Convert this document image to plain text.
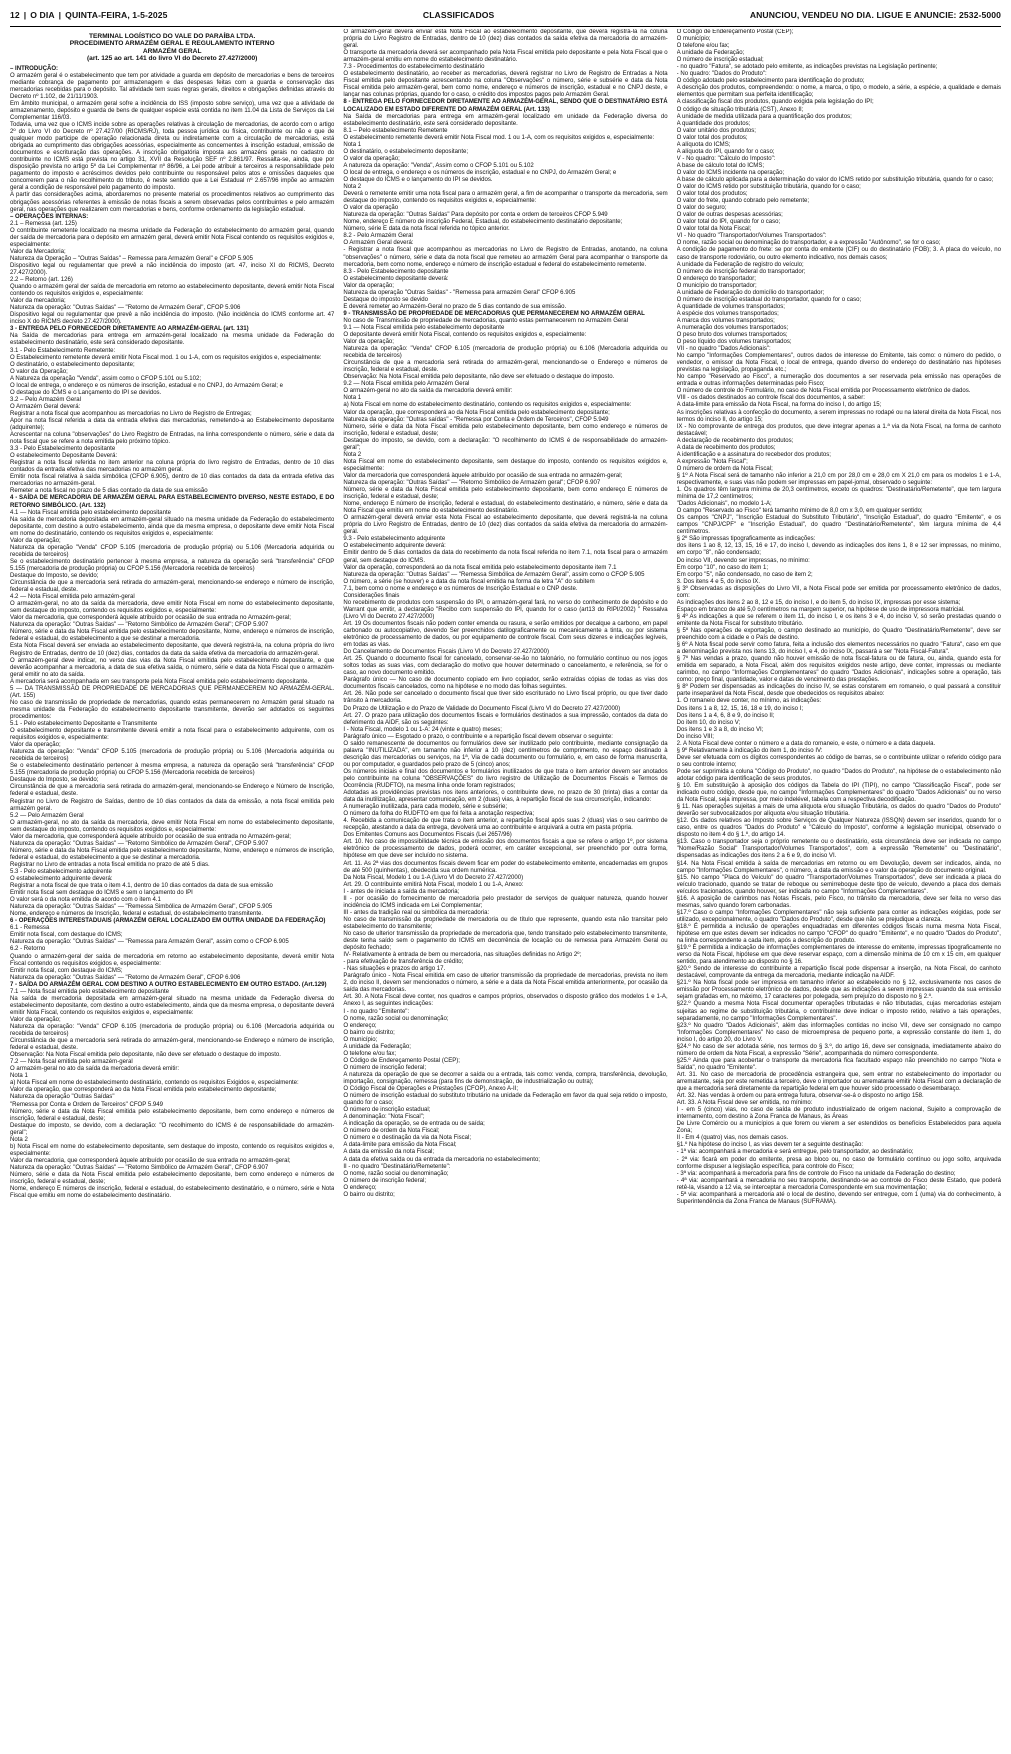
12 | O DIA | QUINTA-FEIRA, 1-5-2025	CLASSIFICADOS	ANUNCIOU, VENDEU NO DIA. LIGUE E ANUNCIE: 2532-5000
TERMINAL LOGÍSTICO DO VALE DO PARAÍBA LTDA.
PROCEDIMENTO ARMAZÉM GERAL E REGULAMENTO INTERNO
ARMAZÉM GERAL
(art. 125 ao art. 141 do livro VI do Decreto 27.427/2000)

– INTRODUÇÃO:

O armazém geral é o estabelecimento que tem por atividade a guarda em depósito de mercadorias e bens de terceiros mediante cobrança de pagamento por armazenagem e das despesas feitas com a guarda e conservação das mercadorias recebidas para o depósito. Tal atividade tem suas regras gerais, direitos e obrigações definidas através do Decreto nº 1.102, de 21/11/1903.

Em âmbito municipal, o armazém geral sofre a incidência do ISS (imposto sobre serviço), uma vez que a atividade de armazenamento, depósito e guarda de bens de qualquer espécie está contida no item 11.04 da Lista de Serviços da Lei Complementar 116/03.

Todavia, uma vez que o ICMS incide sobre as operações relativas à circulação de mercadorias, de acordo com o artigo 2º do Livro VI do Decreto nº 27.427/00 (RICMS/RJ), toda pessoa jurídica ou física, contribuinte ou não e que de qualquer modo participe de operação relacionada direta ou indiretamente com a circulação de mercadorias, está obrigada ao cumprimento das obrigações acessórias, especialmente as concernentes à inscrição estadual, emissão de documentos e escrituração das operações. A inscrição obrigatória imposta aos armazéns gerais no cadastro do contribuinte no ICMS está prevista no artigo 31, XVII da Resolução SEF nº 2.861/97. Ressalta-se, ainda, que por disposição prevista no artigo 5º da Lei Complementar nº 86/96, a Lei pode atribuir a terceiros a responsabilidade pelo pagamento do imposto e acréscimos devidos pelo contribuinte ou responsável pelos atos e omissões daqueles que concorrerem para o não recolhimento do tributo, é neste sentido que a Lei Estadual nº 2.657/96 impõe ao armazém geral a condição de responsável pelo pagamento do imposto.

A partir das considerações acima, abordaremos no presente material os procedimentos relativos ao cumprimento das obrigações acessórias referentes à emissão de notas fiscais a serem observadas pelos contribuintes e pelo armazém geral, nas operações que realizarem com mercadorias e bens, conforme ordenamento da legislação estadual.

– OPERAÇÕES INTERNAS:

2.1 – Remessa (art. 125)

O contribuinte remetente localizado na mesma unidade da Federação do estabelecimento do armazém geral, quando der saída de mercadoria para o depósito em armazém geral, deverá emitir Nota Fiscal contendo os requisitos exigidos e, especialmente:

Valor da Mercadoria;

Natureza da Operação – "Outras Saídas" – Remessa para Armazém Geral" e CFOP 5.905

Dispositivo legal ou regulamentar que prevê a não incidência do imposto (art. 47, inciso XI do RICMS, Decreto 27.427/2000).

2.2 – Retorno (art. 126)

Quando o armazém geral der saída de mercadoria em retorno ao estabelecimento depositante, deverá emitir Nota Fiscal contendo os requisitos exigidos e, especialmente:

Valor da mercadoria;

Natureza da operação: "Outras Saídas" — "Retorno de Armazém Geral", CFOP 5.906

Dispositivo legal ou regulamentar que prevê a não incidência do imposto. (Não incidência do ICMS conforme art. 47 inciso X do RICMS decreto 27.427/2000).

3 - ENTREGA PELO FORNECEDOR DIRETAMENTE AO ARMAZÉM-GERAL (art. 131)

Na Saída de mercadorias para entrega em armazém-geral localizado na mesma unidade da Federação do estabelecimento destinatário, este será considerado depositante.

3.1 - Pelo Estabelecimento Remetente:

O Estabelecimento remetente deverá emitir Nota Fiscal mod. 1 ou 1-A, com os requisitos exigidos e, especialmente:

O destinatário, o estabelecimento depositante;

O valor da Operação;

A Natureza da operação "Venda", assim como o CFOP 5.101 ou 5.102;

O local de entrega, o endereço e os números de inscrição, estadual e no CNPJ, do Armazém Geral; e

O destaque do ICMS e o Lançamento do IPI se devidos.

3.2 – Pelo Armazém Geral

O Armazém Geral deverá:

Registrar a nota fiscal que acompanhou as mercadorias no Livro de Registro de Entregas;

Apor na nota fiscal referida a data da entrada efetiva das mercadorias, remetendo-a ao Estabelecimento depositante (adquirente);

Acrescentar na coluna "observações" do Livro Registro de Entradas, na linha correspondente o número, série e data da nota fiscal que se refere a nota emitida pelo próximo tópico.

3.3 - Pelo Estabelecimento depositante

O estabelecimento Depositante Deverá:

Registrar a nota fiscal referida no item anterior na coluna própria do livro registro de Entradas, dentro de 10 dias contados da entrada efetiva das mercadorias no armazém geral.

Emitir nota fiscal relativa à saída simbólica (CFOP 6.905), dentro de 10 dias contados da data da entrada efetiva das mercadorias no armazém-geral.

Remeter a nota fiscal no prazo de 5 dias contado da data de sua emissão

4 - SAÍDA DE MERCADORIA DE ARMAZÉM GERAL PARA ESTABELECIMENTO DIVERSO, NESTE ESTADO, E DO RETORNO SIMBÓLICO. (Art. 132)

4.1 — Nota Fiscal emitida pelo estabelecimento depositante

Na saída de mercadoria depositada em armazém-geral situado na mesma unidade da Federação do estabelecimento depositante, com destino a outro estabelecimento, ainda que da mesma empresa, o depositante deve emitir Nota Fiscal em nome do destinatário, contendo os requisitos exigidos e, especialmente:

Valor da operação;

Natureza da operação "Venda" CFOP 5.105 (mercadoria de produção própria) ou 5.106 (Mercadoria adquirida ou recebida de terceiros)

Se o estabelecimento destinatário pertencer à mesma empresa, a natureza da operação será "transferência" CFOP 5.155 (mercadoria de produção própria) ou CFOP 5.156 (Mercadoria recebida de terceiros)

Destaque do Imposto, se devido;

Circunstância de que a mercadoria será retirada do armazém-geral, mencionando-se endereço e número de inscrição, federal e estadual, deste.

4.2 — Nota Fiscal emitida pelo armazém-geral

O armazém-geral, no ato da saída da mercadoria, deve emitir Nota Fiscal em nome do estabelecimento depositante, sem destaque do imposto, contendo os requisitos exigidos e, especialmente:

Valor da mercadoria, que corresponderá àquele atribuído por ocasião de sua entrada no Armazém-geral;

Natureza da operação: "Outras Saídas" — "Retorno Simbólico de Armazém Geral"; CFOP 5.907

Número, série e data da Nota Fiscal emitida pelo estabelecimento depositante, Nome, endereço e números de inscrição, federal e estadual, do estabelecimento a que se destinar a mercadoria.

Esta Nota Fiscal deverá ser enviada ao estabelecimento depositante, que deverá registrá-la, na coluna própria do livro Registro de Entradas, dentro de 10 (dez) dias, contados da data da saída efetiva da mercadoria do armazém-geral.

O armazém-geral deve indicar, no verso das vias da Nota Fiscal emitida pelo estabelecimento depositante, e que deverão acompanhar a mercadoria, a data de sua efetiva saída, o número, série e data da Nota Fiscal que o armazém-geral emitir no ato da saída.

A mercadoria será acompanhada em seu transporte pela Nota Fiscal emitida pelo estabelecimento depositante.

5 — DA TRANSMISSÃO DE PROPRIEDADE DE MERCADORIAS QUE PERMANECEREM NO ARMAZÉM-GERAL. (Art. 155)

No caso de transmissão de propriedade de mercadorias, quando estas permanecerem no Armazém geral situado na mesma unidade da Federação do estabelecimento depositante transmitente, deverão ser adotados os seguintes procedimentos:

5.1 - Pelo estabelecimento Depositante e Transmitente

O estabelecimento depositante e transmitente deverá emitir a nota fiscal para o estabelecimento adquirente, com os requisitos exigidos e, especialmente:

Valor da operação;

Natureza da operação: "Venda" CFOP 5.105 (mercadoria de produção própria) ou 5.106 (Mercadoria adquirida ou recebida de terceiros)

Se o estabelecimento destinatário pertencer à mesma empresa, a natureza da operação será "transferência" CFOP 5.155 (mercadoria de produção própria) ou CFOP 5.156 (Mercadoria recebida de terceiros)

Destaque do Imposto, se devido;

Circunstância de que a mercadoria será retirada do armazém-geral, mencionando-se Endereço e Número de Inscrição, federal e estadual, deste.

Registrar no Livro de Registro de Saídas, dentro de 10 dias contados da data da emissão, a nota fiscal emitida pelo armazém geral.

5.2 — Pelo Armazém Geral

O armazém-geral, no ato da saída da mercadoria, deve emitir Nota Fiscal em nome do estabelecimento depositante, sem destaque do imposto, contendo os requisitos exigidos e, especialmente:

Valor da mercadoria, que corresponderá àquele atribuído por ocasião de sua entrada no Armazém-geral;

Natureza da operação: "Outras Saídas" — "Retorno Simbólico de Armazém Geral", CFOP 5.907

Número, série e data da Nota Fiscal emitida pelo estabelecimento depositante, Nome, endereço e números de inscrição, federal e estadual, do estabelecimento a que se destinar a mercadoria.

Registrar no Livro de entradas a nota fiscal emitida no prazo de até 5 dias.

5.3 - Pelo estabelecimento adquirente

O estabelecimento adquirente deverá:

Registrar a nota fiscal de que trata o item 4.1, dentro de 10 dias contados da data de sua emissão

Emitir nota fiscal sem destaque do ICMS e sem o lançamento do IPI

O valor será o da nota emitida de acordo com o item 4.1

Natureza da operação: "Outras Saídas" — "Remessa Simbólica de Armazém Geral", CFOP 5.905

Nome, endereço e números de Inscrição, federal e estadual, do estabelecimento transmitente.

6 - OPERAÇÕES INTERESTADUAIS (ARMAZÉM GERAL LOCALIZADO EM OUTRA UNIDADE DA FEDERAÇÃO)

6.1 - Remessa

Emitir nota fiscal, com destaque do ICMS;

Natureza da operação: "Outras Saídas" — "Remessa para Armazém Geral", assim como o CFOP 6.905

6.2 - Retorno

Quando o armazém-geral der saída de mercadoria em retorno ao estabelecimento depositante, deverá emitir Nota Fiscal contendo os requisitos exigidos e, especialmente:

Emitir nota fiscal, com destaque do ICMS;

Natureza da operação: "Outras Saídas" — "Retorno de Armazém Geral", CFOP 6.906

7 - SAÍDA DO ARMAZÉM GERAL COM DESTINO A OUTRO ESTABELECIMENTO EM OUTRO ESTADO. (Art.129)

7.1 — Nota fiscal emitida pelo estabelecimento depositante

Na saída de mercadoria depositada em armazém-geral situado na mesma unidade da Federação diversa do estabelecimento depositante, com destino a outro estabelecimento, ainda que da mesma empresa, o depositante deverá emitir Nota Fiscal, contendo os requisitos exigidos e, especialmente:

Valor da operação;

Natureza da operação: "Venda" CFOP 6.105 (mercadoria de produção própria) ou 6.106 (Mercadoria adquirida ou recebida de terceiros)

Circunstância de que a mercadoria será retirada do armazém-geral, mencionando-se Endereço e número de inscrição, federal e estadual, deste.

Observação: Na Nota Fiscal emitida pelo depositante, não deve ser efetuado o destaque do imposto.

7.2 — Nota fiscal emitida pelo armazém-geral

O armazém-geral no ato da saída da mercadoria deverá emitir:

Nota 1

a) Nota Fiscal em nome do estabelecimento destinatário, contendo os requisitos Exigidos e, especialmente:

Valor da operação, que corresponderá ao da Nota Fiscal emitida pelo estabelecimento depositante;

Natureza da operação "Outras Saídas"

"Remessa por Conta e Ordem de Terceiros" CFOP 5.949

Número, série e data da Nota Fiscal emitida pelo estabelecimento depositante, bem como endereço e números de inscrição, federal e estadual, deste;

Destaque do imposto, se devido, com a declaração: "O recolhimento do ICMS é de responsabilidade do armazém-geral";

Nota 2

b) Nota Fiscal em nome do estabelecimento depositante, sem destaque do imposto, contendo os requisitos exigidos e, especialmente:

Valor da mercadoria, que corresponderá àquele atribuído por ocasião de sua entrada no armazém-geral;

Natureza da operação: "Outras Saídas" — "Retorno Simbólico de Armazém Geral", CFOP 6.907

Número, série e data da Nota Fiscal emitida pelo estabelecimento depositante, bem como endereço e números de inscrição, federal e estadual, deste;

Nome, endereço E números de inscrição, federal e estadual, do estabelecimento destinatário, e o número, série e Nota Fiscal que emitiu em nome do estabelecimento destinatário.

O armazém-geral deverá enviar esta Nota Fiscal ao estabelecimento depositante, que deverá registrá-la na coluna própria do Livro Registro de Entradas, dentro de 10 (dez) dias contados da saída efetiva da mercadoria do armazém-geral.

O transporte da mercadoria deverá ser acompanhado pela Nota Fiscal emitida pelo depositante e pela Nota Fiscal que o armazém-geral emitiu em nome do estabelecimento destinatário.

7.3 - Procedimentos do estabelecimento destinatário

O estabelecimento destinatário, ao receber as mercadorias, deverá registrar no Livro de Registro de Entradas a Nota Fiscal emitida pelo depositante acrescentando na coluna "Observações" o número, série e subsérie e data da Nota Fiscal emitida pelo armazém-geral, bem como nome, endereço e números de inscrição, estadual e no CNPJ deste, e lançar nas colunas próprias, quando for o caso, o crédito dos impostos pagos pelo Armazém Geral.

8 - ENTREGA PELO FORNECEDOR DIRETAMENTE AO ARMAZÉM-GERAL, SENDO QUE O DESTINATÁRIO ESTÁ LOCALIZADO EM ESTADO DIFERENTE DO ARMAZÉM GERAL (Art. 133)

Na Saída de mercadorias para entrega em armazém-geral localizado em unidade da Federação diversa do estabelecimento destinatário, este será considerado depositante.

8.1 – Pelo estabelecimento Remetente

O estabelecimento remetente deverá emitir Nota Fiscal mod. 1 ou 1-A, com os requisitos exigidos e, especialmente:

Nota 1

O destinatário, o estabelecimento depositante;

O valor da operação;

A natureza da operação: "Venda", Assim como o CFOP 5.101 ou 5.102

O local de entrega, o endereço e os números de inscrição, estadual e no CNPJ, do Armazém Geral; e

O destaque do ICMS e o lançamento do IPI se devidos.

Nota 2

Deverá o remetente emitir uma nota fiscal para o armazém geral, a fim de acompanhar o transporte da mercadoria, sem destaque do imposto, contendo os requisitos exigidos e, especialmente:

O valor da operação

Natureza da operação: "Outras Saídas" Para depósito por conta e ordem de terceiros CFOP 5.949

Nome, endereço E número de inscrição Federal, Estadual, do estabelecimento destinatário depositante;

Número, série E data da nota fiscal referida no tópico anterior.

8.2 - Pelo Armazém Geral

O Armazém Geral deverá:

- Registrar a nota fiscal que acompanhou as mercadorias no Livro de Registro de Entradas, anotando, na coluna "observações" o número, série e data da nota fiscal que remeteu ao armazém Geral para acompanhar o transporte da mercadoria, bem como nome, endereço e número de inscrição estadual e federal do estabelecimento remetente.

8.3 - Pelo Estabelecimento depositante

O estabelecimento depositante deverá:

Valor da operação;

Natureza da operação "Outras Saídas" - "Remessa para armazém Geral" CFOP 6.905

Destaque do imposto se devido

E deverá remeter ao Armazém-Geral no prazo de 5 dias contando de sua emissão.

9 - TRANSMISSÃO DE PROPRIEDADE DE MERCADORIAS QUE PERMANECEREM NO ARMAZÉM GERAL

No caso de Transmissão de propriedade de mercadorias, quanto estas permanecerem no Armazém Geral

9.1 — Nota Fiscal emitida pelo estabelecimento depositante

O depositante deverá emitir Nota Fiscal, contendo os requisitos exigidos e, especialmente:

Valor da operação;

Natureza da operação: "Venda" CFOP 6.105 (mercadoria de produção própria) ou 6.106 (Mercadoria adquirida ou recebida de terceiros)

Circunstância de que a mercadoria será retirada do armazém-geral, mencionando-se o Endereço e números de inscrição, federal e estadual, deste.

Observação: Na Nota Fiscal emitida pelo depositante, não deve ser efetuado o destaque do imposto.

9.2 — Nota Fiscal emitida pelo Armazém Geral

O armazém-geral no ato da saída da mercadoria deverá emitir:

Nota 1

a) Nota Fiscal em nome do estabelecimento destinatário, contendo os requisitos exigidos e, especialmente:

Valor da operação, que corresponderá ao da Nota Fiscal emitida pelo estabelecimento depositante;

Natureza da operação: "Outras saídas" - "Remessa por Conta e Ordem de Terceiros", CFOP 5.949

Número, série e data da Nota Fiscal emitida pelo estabelecimento depositante, bem como endereço e números de inscrição, federal e estadual, deste;

Destaque do imposto, se devido, com a declaração: "O recolhimento do ICMS é de responsabilidade do armazém-geral";

Nota 2

Nota Fiscal em nome do estabelecimento depositante, sem destaque do imposto, contendo os requisitos exigidos e, especialmente:

Valor da mercadoria que corresponderá àquele atribuído por ocasião de sua entrada no armazém-geral;

Natureza da operação: "Outras Saídas" — "Retorno Simbólico de Armazém geral"; CFOP 6.907

Número, série e data da Nota Fiscal emitida pelo estabelecimento depositante, bem como endereço E números de inscrição, federal e estadual, deste;

Nome, endereço E número de inscrição, federal e estadual, do estabelecimento destinatário, e número, série e data da Nota Fiscal que emitiu em nome do estabelecimento destinatário.

O armazém-geral deverá enviar esta Nota Fiscal ao estabelecimento depositante, que deverá registrá-la na coluna própria do Livro Registro de Entradas, dentro de 10 (dez) dias contados da saída efetiva da mercadoria do armazém-geral.

9.3 - Pelo estabelecimento adquirente

O estabelecimento adquirente deverá:

Emitir dentro de 5 dias contados da data do recebimento da nota fiscal referida no item 7.1, nota fiscal para o armazém geral, sem destaque do ICMS.

Valor da operação, corresponderá ao da nota fiscal emitida pelo estabelecimento depositante item 7.1

Natureza da operação: "Outras Saídas" — "Remessa Simbólica de Armazém Geral", assim como o CFOP 5.905

O número, a série (se houver) e a data da nota fiscal emitida na forma da letra "A" do subitem

7.1, bem como o nome e endereço e os números de Inscrição Estadual e o CNP deste.

Considerações finais

No recebimento de produtos com suspensão do IPI, o armazém-geral fará, no verso do conhecimento de depósito e do Warrant que emitir, a declaração "Recibo com suspensão do IPI, quando for o caso (art13 do RIPI/2002) " Ressalva (Livro VI do Decreto 27.427/2000)

Art. 19 Os documentos fiscais não podem conter emenda ou rasura, e serão emitidos por decalque a carbono, em papel carbonado ou autocopiativo, devendo Ser preenchidos datilograficamente ou mecanicamente a tinta, ou por sistema eletrônico de processamento de dados, ou por equipamento de controle fiscal. Com seus dizeres e indicações legíveis, em todas as vias.

Do Cancelamento de Documentos Fiscais (Livro VI do Decreto 27.427/2000)

Art. 25. Quando o documento fiscal for cancelado, conservar-se-ão no talonário, no formulário contínuo ou nos jogos soltos todas as suas vias, com declaração do motivo que houver determinado o cancelamento, e referência, se for o caso, ao novo documento emitido.

Parágrafo único — No caso de documento copiado em livro copiador, serão extraídas cópias de todas as vias dos documentos fiscais cancelados, como na hipótese e no modo das folhas seguintes.

Art. 26. Não pode ser cancelado o documento fiscal que tiver sido escriturado no Livro fiscal próprio, ou que tiver dado trânsito à mercadoria.

Do Prazo de Utilização e do Prazo de Validade do Documento Fiscal (Livro VI do Decreto 27.427/2000)

Art. 27. O prazo para utilização dos documentos fiscais e formulários destinados a sua impressão, contados da data do deferimento da AIDF, são os seguintes:

I - Nota Fiscal, modelo 1 ou 1-A: 24 (vinte e quatro) meses;

Parágrafo único — Esgotado o prazo, o contribuinte e a repartição fiscal devem observar o seguinte:

O saldo remanescente de documentos ou formulários deve ser inutilizado pelo contribuinte, mediante consignação da palavra "INUTILIZADA", em tamanho não inferior a 10 (dez) centímetros de comprimento, no espaço destinado à descrição das mercadorias ou serviços, na 1ª, Via de cada documento ou formulário, e, em caso de forma manuscrita, ou por computador, e guardados pelo prazo de 5 (cinco) anos;

Os números iniciais e final dos documentos e formulários inutilizados de que trata o item anterior devem ser anotados pelo contribuinte na coluna "OBSERVAÇÕES" do livro registro de Utilização de Documentos Fiscais e Termos de Ocorrência (RUDFTO), na mesma linha onde foram registrados;

Adotadas as providências previstas nos itens anteriores, o contribuinte deve, no prazo de 30 (trinta) dias a contar da data da inutilização, apresentar comunicação, em 2 (duas) vias, à repartição fiscal de sua circunscrição, indicando:

A numeração inutilizada, para cada modelo, série e subsérie;

O número da folha do RUDFTO em que foi feita a anotação respectiva;

4. Recebida a comunicação de que trata o item anterior, a repartição fiscal após suas 2 (duas) vias o seu carimbo de recepção, atestando a data da entrega, devolverá uma ao contribuinte e arquivará a outra em pasta própria.

Dos Emitentes Comuns aos Documentos Fiscais (Lei 2657/96)

Art. 10. No caso de impossibilidade técnica de emissão dos documentos fiscais a que se refere o artigo 1º, por sistema eletrônico de processamento de dados, poderá ocorrer, em caráter excepcional, ser preenchido por outra forma, hipótese em que deve ser incluído no sistema.

Art. 11. As 2ª vias dos documentos fiscais devem ficar em poder do estabelecimento emitente, encadernadas em grupos de até 500 (quinhentas), obedecida sua ordem numérica.

Da Nota Fiscal, Modelo 1 ou 1-A (Livro VI do Decreto 27.427/2000)

Art. 29. O contribuinte emitirá Nota Fiscal, modelo 1 ou 1-A, Anexo:

I - antes de iniciada a saída da mercadoria;

II - por ocasião do fornecimento de mercadoria pelo prestador de serviços de qualquer natureza, quando houver incidência do ICMS indicada em Lei Complementar;

III - antes da tradição real ou simbólica da mercadoria:

No caso de transmissão da propriedade de mercadoria ou de título que represente, quando esta não transitar pelo estabelecimento do transmitente;

No caso de ulterior transmissão da propriedade de mercadoria que, tendo transitado pelo estabelecimento transmitente, deste tenha saído sem o pagamento do ICMS em decorrência de locação ou de remessa para Armazém Geral ou depósito fechado;

IV- Relativamente à entrada de bem ou mercadoria, nas situações definidas no Artigo 2º;

- para efetivação de transferência de crédito;

- Nas situações e prazos do artigo 17.

Parágrafo único - Nota Fiscal emitida em caso de ulterior transmissão da propriedade de mercadorias, prevista no item 2, do inciso II, devem ser mencionados o número, a série e a data da Nota Fiscal emitida anteriormente, por ocasião da saída das mercadorias.

Art. 30. A Nota Fiscal deve conter, nos quadros e campos próprios, observados o disposto gráfico dos modelos 1 e 1-A, Anexo I, as seguintes indicações:

I - no quadro "Emitente":

O nome, razão social ou denominação;

O endereço;

O bairro ou distrito;

O município;

A unidade da Federação;

O telefone e/ou fax;

O Código de Endereçamento Postal (CEP);

O número de inscrição federal;

A natureza da operação de que se decorrer a saída ou a entrada, tais como: venda, compra, transferência, devolução, importação, consignação, remessa (para fins de demonstração, de industrialização ou outra);

O Código Fiscal de Operações e Prestações (CFOP), Anexo A-II;

O número de inscrição estadual do substituto tributário na unidade da Federação em favor da qual seja retido o imposto, quando for o caso;

O número de inscrição estadual;

A denominação: "Nota Fiscal";

A indicação da operação, se de entrada ou de saída;

O número de ordem da Nota Fiscal;

O número e o destinação da via da Nota Fiscal;

A data-limite para emissão da Nota Fiscal;

A data da emissão da nota Fiscal;

A data da efetiva saída ou da entrada da mercadoria no estabelecimento;

II - no quadro "Destinatário/Remetente":

O nome, razão social ou denominação;

O número de inscrição federal;

O endereço;

O bairro ou distrito;

O Código de Endereçamento Postal (CEP);

O município;

O telefone e/ou fax;

A unidade da Federação;

O número de inscrição estadual;

- no quadro "Fatura", se adotado pelo emitente, as indicações previstas na Legislação pertinente;

- No quadro: "Dados do Produto":

O código adotado pelo estabelecimento para identificação do produto;

A descrição dos produtos, compreendendo: o nome, a marca, o tipo, o modelo, a série, a espécie, a qualidade e demais elementos que permitam sua perfeita identificação;

A classificação fiscal dos produtos, quando exigida pela legislação do IPI;

O código de situação tributária (CST), Anexo II;

A unidade de medida utilizada para a quantificação dos produtos;

A quantidade dos produtos;

O valor unitário dos produtos;

O valor total dos produtos;

A alíquota do ICMS;

A alíquota do IPI, quando for o caso;

V - No quadro: "Cálculo do Imposto":

A base de cálculo total do ICMS;

O valor do ICMS incidente na operação;

A base de cálculo aplicada para a determinação do valor do ICMS retido por substituição tributária, quando for o caso;

O valor do ICMS retido por substituição tributária, quando for o caso;

O valor total dos produtos;

O valor do frete, quando cobrado pelo remetente;

O valor do seguro;

O valor de outras despesas acessórias;

O valor total do IPI, quando for o caso;

O valor total da Nota Fiscal;

VI - No quadro "Transportador/Volumes Transportados":

O nome, razão social ou denominação do transportador, e a expressão "Autônomo", se for o caso;

A condição de pagamento do frete: se por conta do emitente (CIF) ou do destinatário (FOB); 3. A placa do veículo, no caso de transporte rodoviário, ou outro elemento indicativo, nos demais casos;

A unidade da Federação de registro do veículo;

O número de inscrição federal do transportador;

O endereço do transportador;

O município do transportador;

A unidade de Federação do domicílio do transportador;

O número de inscrição estadual do transportador, quando for o caso;

A quantidade de volumes transportados;

A espécie dos volumes transportados;

A marca dos volumes transportados;

A numeração dos volumes transportados;

O peso bruto dos volumes transportados;

O peso líquido dos volumes transportados;

VII - no quadro "Dados Adicionais":

No campo "Informações Complementares", outros dados de interesse do Emitente, tais como: o número do pedido, o vendedor, o emissor da Nota Fiscal, o local de entrega, quando diverso do endereço do destinatário nas hipóteses previstas na legislação, propaganda etc.;

No campo "Reservado ao Fisco", a numeração dos documentos a ser reservada pela emissão nas operações de entrada e outras informações determinadas pelo Fisco;

O número de controle do Formulário, no caso de Nota Fiscal emitida por Processamento eletrônico de dados.

VIII - os dados destinados ao controle fiscal dos documentos, a saber:

A data-limite para emissão da Nota Fiscal, na forma do inciso I, do artigo 15;

As inscrições relativas à confecção do documento, a serem impressas no rodapé ou na lateral direita da Nota Fiscal, nos termos do inciso II, do artigo 15;

IX - No comprovante de entrega dos produtos, que deve integrar apenas a 1.ª via da Nota Fiscal, na forma de canhoto destacável;

A declaração de recebimento dos produtos;

A data de recebimento dos produtos;

A identificação e a assinatura do recebedor dos produtos;

A expressão "Nota Fiscal";

O número de ordem da Nota Fiscal;

§ 1º A Nota Fiscal será de tamanho não inferior a 21,0 cm por 28,0 cm e 28,0 cm X 21,0 cm para os modelos 1 e 1-A, respectivamente, e suas vias não podem ser impressas em papel-jornal, observado o seguinte:

1. Os quadros têm largura mínima de 20,3 centímetros, exceto os quadros: "Destinatário/Remetente", que tem largura mínima de 17,2 centímetros;

"Dados Adicionais", no modelo 1-A;

O campo "Reservado ao Fisco" terá tamanho mínimo de 8,0 cm x 3,0, em qualquer sentido;

Os campos "CNPJ", "Inscrição Estadual do Substituto Tributário", "Inscrição Estadual", do quadro "Emitente", e os campos "CNPJ/CPF" e "Inscrição Estadual", do quadro "Destinatário/Remetente", têm largura mínima de 4,4 centímetros.

§ 2º São impressas tipograficamente as indicações:

dos itens 1 ao 8, 12, 13, 15, 16 e 17, do inciso I, devendo as indicações dos itens 1, 8 e 12 ser impressas, no mínimo, em corpo "8", não condensado;

Do inciso VII, devendo ser impressas, no mínimo:

Em corpo "10", no caso do item 1;

Em corpo "5", não condensado, no caso de item 2;

3. Dos itens 4 e 5, do inciso IX.

§ 3º Observadas as disposições do Livro VII, a Nota Fiscal pode ser emitida por processamento eletrônico de dados, com:

As indicações dos itens 2 ao 8, 12 e 15, do inciso I, e do item 5, do inciso IX, impressas por esse sistema;

Espaço em branco de até 5,0 centímetros na margem superior, na hipótese de uso de impressora matricial.

§ 4º As indicações a que se referem o item 11, do inciso I, e os itens 3 e 4, do inciso V, só serão prestadas quando o emitente da Nota Fiscal for substituto tributário.

§ 5º Nas operações de exportação, o campo destinado ao município, do Quadro "Destinatário/Remetente", deve ser preenchido com a cidade e o País de destino.

§ 6º A Nota fiscal pode servir como fatura, feita a inclusão dos elementos necessários no quadro "Fatura", caso em que a denominação prevista nos itens 13, do inciso I, e 4, do inciso IX, passará a ser "Nota Fiscal-Fatura".

§ 7º Nas vendas a prazo, quando não houver emissão de nota fiscal-fatura ou de fatura, ou, ainda, quando esta for emitida em separado, a Nota Fiscal, além dos requisitos exigidos neste artigo, deve conter, impressas ou mediante carimbo, no campo "Informações Complementares" do quadro "Dados Adicionais", indicações sobre a operação, tais como: preço final, quantidade, valor e datas de vencimento das prestações.

§ 8º Podem ser dispensadas as indicações do inciso IV, se estas constarem em romaneio, o qual passará a constituir parte inseparável da Nota Fiscal, desde que obedecidos os requisitos abaixo:

1. O romaneio deve conter, no mínimo, as indicações:

Dos itens 1 a 8, 12, 15, 16, 18 e 19, do inciso I;

Dos itens 1 a 4, 6, 8 e 9, do inciso II;

Do item 10, do inciso V;

Dos itens 1 e 3 a 8, do inciso VI;

Do inciso VIII;

2. A Nota Fiscal deve conter o número e a data do romaneio, e este, o número e a data daquela.

§ 9º Relativamente à indicação do item 1, do inciso IV:

Deve ser efetuada com os dígitos correspondentes ao código de barras, se o contribuinte utilizar o referido código para o seu controle interno;

Pode ser suprimida a coluna "Código do Produto", no quadro "Dados do Produto", na hipótese de o estabelecimento não adotar código para identificação de seus produtos.

§ 10. Em substituição à aposição dos códigos da Tabela do IPI (TIPI), no campo "Classificação Fiscal", pode ser indicado outro código, desde que, no campo "Informações Complementares" do quadro "Dados Adicionais" ou no verso da Nota Fiscal, seja impressa, por meio indelével, tabela com a respectiva decodificação.

§ 11. Nas operações sujeitas a mais de uma alíquota e/ou situação Tributária, os dados do quadro "Dados do Produto" deverão ser subvocalizados por alíquota e/ou situação tributária.

§12. Os dados relativos ao Imposto sobre Serviços de Qualquer Natureza (ISSQN) devem ser inseridos, quando for o caso, entre os quadros "Dados do Produto" e "Cálculo do Imposto", conforme a legislação municipal, observado o disposto no item 4 do § 1.º, do artigo 14.

§13. Caso o transportador seja o próprio remetente ou o destinatário, esta circunstância deve ser indicada no campo "Nome/Razão Social" Transportador/Volumes Transportados", com a expressão "Remetente" ou "Destinatário", dispensadas as indicações dos itens 2 a 6 e 9, do inciso VI.

§14. Na Nota Fiscal emitida à saída de mercadorias em retorno ou em Devolução, devem ser indicados, ainda, no campo "Informações Complementares", o número, a data da emissão e o valor da operação do documento original.

§15. No campo "Placa do Veículo" do quadro "Transportador/Volumes Transportados", deve ser indicada a placa do veículo tracionado, quando se tratar de reboque ou semirreboque deste tipo de veículo, devendo a placa dos demais veículos tracionados, quando houver, ser indicada no campo "Informações Complementares".

§16. A aposição de carimbos nas Notas Fiscais, pelo Fisco, no trânsito da mercadoria, deve ser feita no verso das mesmas, salvo quando forem carbonadas.

§17.º Caso o campo "Informações Complementares" não seja suficiente para conter as indicações exigidas, pode ser utilizado, excepcionalmente, o quadro "Dados do Produto", desde que não se prejudique a clareza.

§18.º É permitida a inclusão de operações enquadradas em diferentes códigos fiscais numa mesma Nota Fiscal, hipótese em que estes devem ser indicados no campo "CFOP" do quadro "Emitente", e no quadro "Dados do Produto", na linha correspondente a cada item, após a descrição do produto.

§19.º É permitida a indicação de informações complementares de interesse do emitente, impressas tipograficamente no verso da Nota Fiscal, hipótese em que deve reservar espaço, com a dimensão mínima de 10 cm x 15 cm, em qualquer sentido, para atendimento ao disposto no § 16.

§20.º Sendo de interesse do contribuinte a repartição fiscal pode dispensar a inserção, na Nota Fiscal, do canhoto destacável, comprovante da entrega da mercadoria, mediante indicação na AIDF.

§21.º Na Nota fiscal pode ser impressa em tamanho inferior ao estabelecido no § 12, exclusivamente nos casos de emissão por Processamento eletrônico de dados, desde que as indicações a serem impressas quando da sua emissão sejam grafadas em, no máximo, 17 caracteres por polegada, sem prejuízo do disposto no § 2.º.

§22.º Quando a mesma Nota Fiscal documentar operações tributadas e não tributadas, cujas mercadorias estejam sujeitas ao regime de substituição tributária, o contribuinte deve indicar o imposto retido, relativo a tais operações, separadamente, no campo "Informações Complementares".

§23.º No quadro "Dados Adicionais", além das informações contidas no inciso VII, deve ser consignado no campo "Informações Complementares" No caso de microempresa de pequeno porte, a expressão constante do item 1, do inciso I, do artigo 20, do Livro V.

§24.º No caso de ser adotada série, nos termos do § 3.º, do artigo 16, deve ser consignada, imediatamente abaixo do número de ordem da Nota Fiscal, a expressão "Série", acompanhada do número correspondente.

§25.º Ainda que para acobertar o transporte da mercadoria fica facultado espaço não preenchido no campo "Nota e Saída", no quadro "Emitente".

Art. 31. No caso de mercadoria de procedência estrangeira que, sem entrar no estabelecimento do importador ou arrematante, seja por este remetida a terceiro, deve o importador ou arrematante emitir Nota Fiscal com a declaração de que a mercadoria será diretamente da repartição federal em que houver sido processado o desembaraço.

Art. 32. Nas vendas à ordem ou para entrega futura, observar-se-á o disposto no artigo 158.

Art. 33. A Nota Fiscal deve ser emitida, no mínimo:

I - em 5 (cinco) vias, no caso de saída de produto industrializado de origem nacional, Sujeito a comprovação de internamento, com destino à Zona Franca de Manaus, às Áreas

De Livre Comércio ou a municípios a que forem ou vierem a ser estendidos os benefícios Estabelecidos para aquela Zona;

II - Em 4 (quatro) vias, nos demais casos.

§1.º Na hipótese do inciso I, as vias devem ter a seguinte destinação:

- 1ª via: acompanhará a mercadoria e será entregue, pelo transportador, ao destinatário;

- 2ª via: ficará em poder do emitente, presa ao bloco ou, no caso de formulário contínuo ou jogo solto, arquivada conforme dispuser a legislação específica, para controle do Fisco;

- 3ª via: acompanhará a mercadoria para fins de controle do Fisco na unidade da Federação do destino;

- 4ª via: acompanhará a mercadoria no seu transporte, destinando-se ao controle do Fisco deste Estado, que poderá retê-la, visando a 12 via, se interceptar a mercadoria Correspondente em sua movimentação;

- 5ª via: acompanhará a mercadoria até o local de destino, devendo ser entregue, com 1 (uma) via do conhecimento, à Superintendência da Zona Franca de Manaus (SUFRAMA).
